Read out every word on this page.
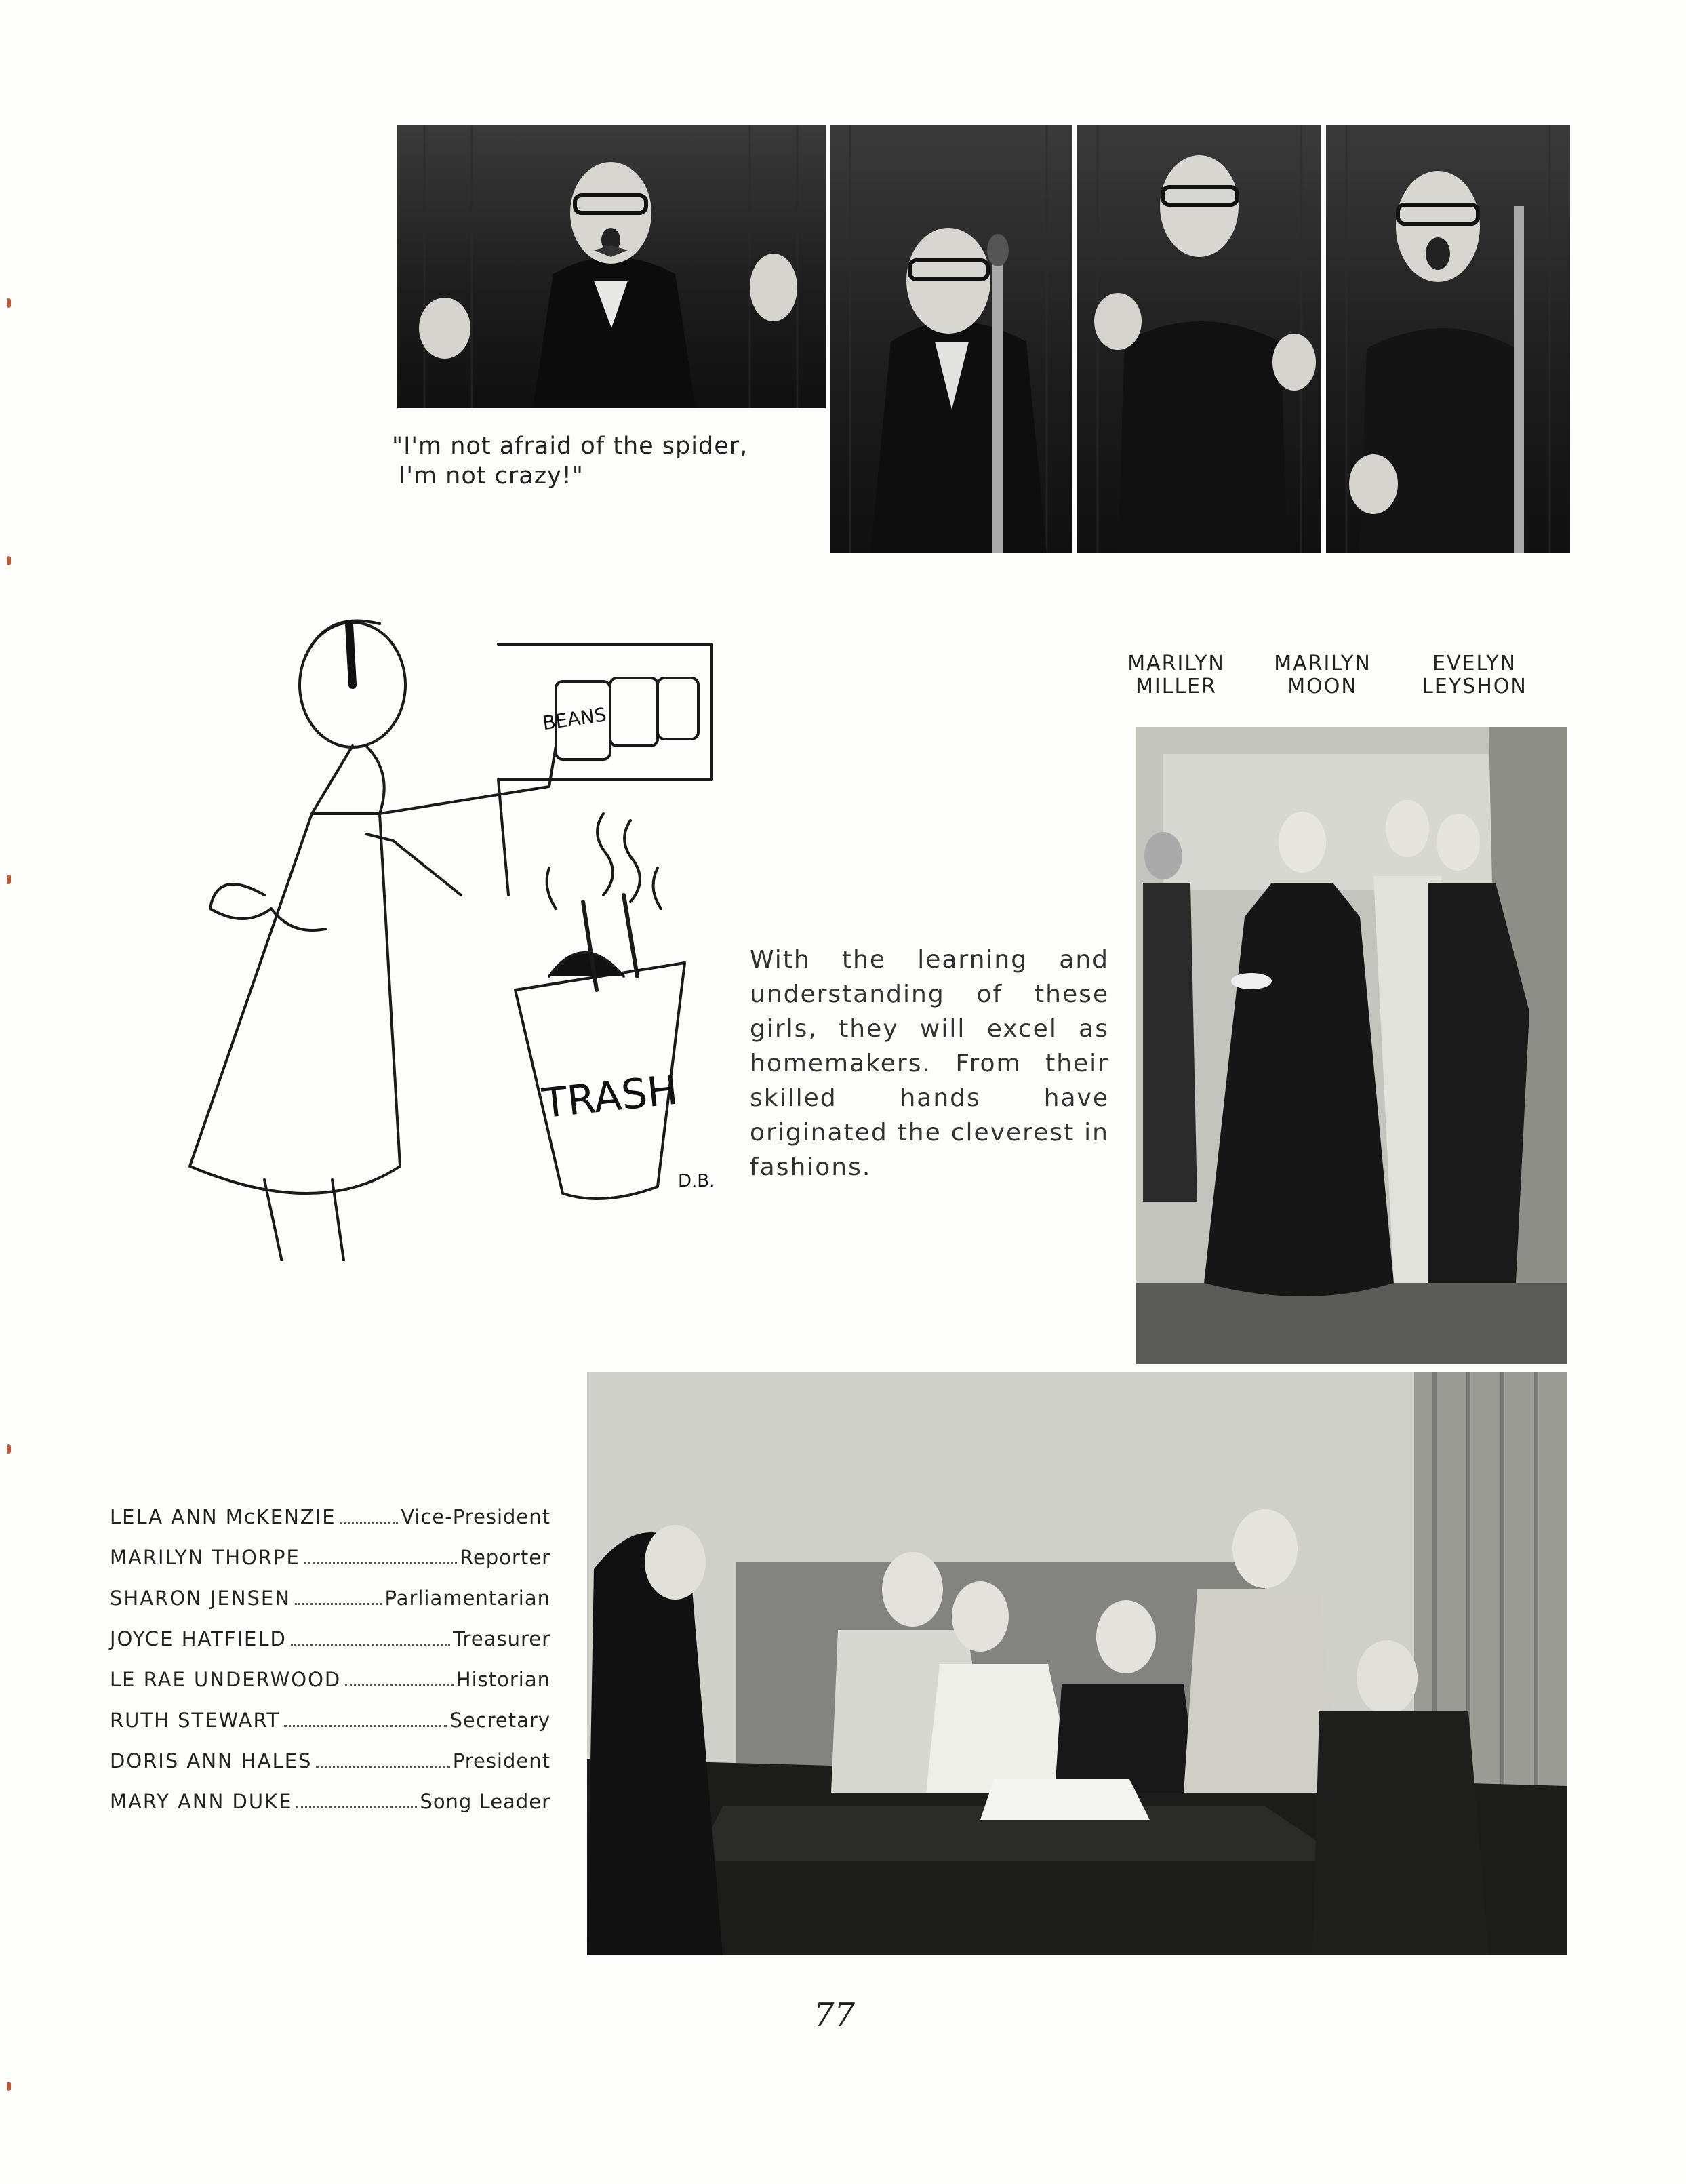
"I'm not afraid of the spider,
I'm not crazy!"
BEANS
TRASH
D.B.
MARILYN
MILLER
MARILYN
MOON
EVELYN
LEYSHON
With the learning and understanding of these girls, they will excel as homemakers. From their skilled hands have originated the cleverest in fashions.
LELA ANN McKENZIE	Vice-President
MARILYN THORPE	Reporter
SHARON JENSEN	Parliamentarian
JOYCE HATFIELD	Treasurer
LE RAE UNDERWOOD	Historian
RUTH STEWART	Secretary
DORIS ANN HALES	President
MARY ANN DUKE	Song Leader
77
